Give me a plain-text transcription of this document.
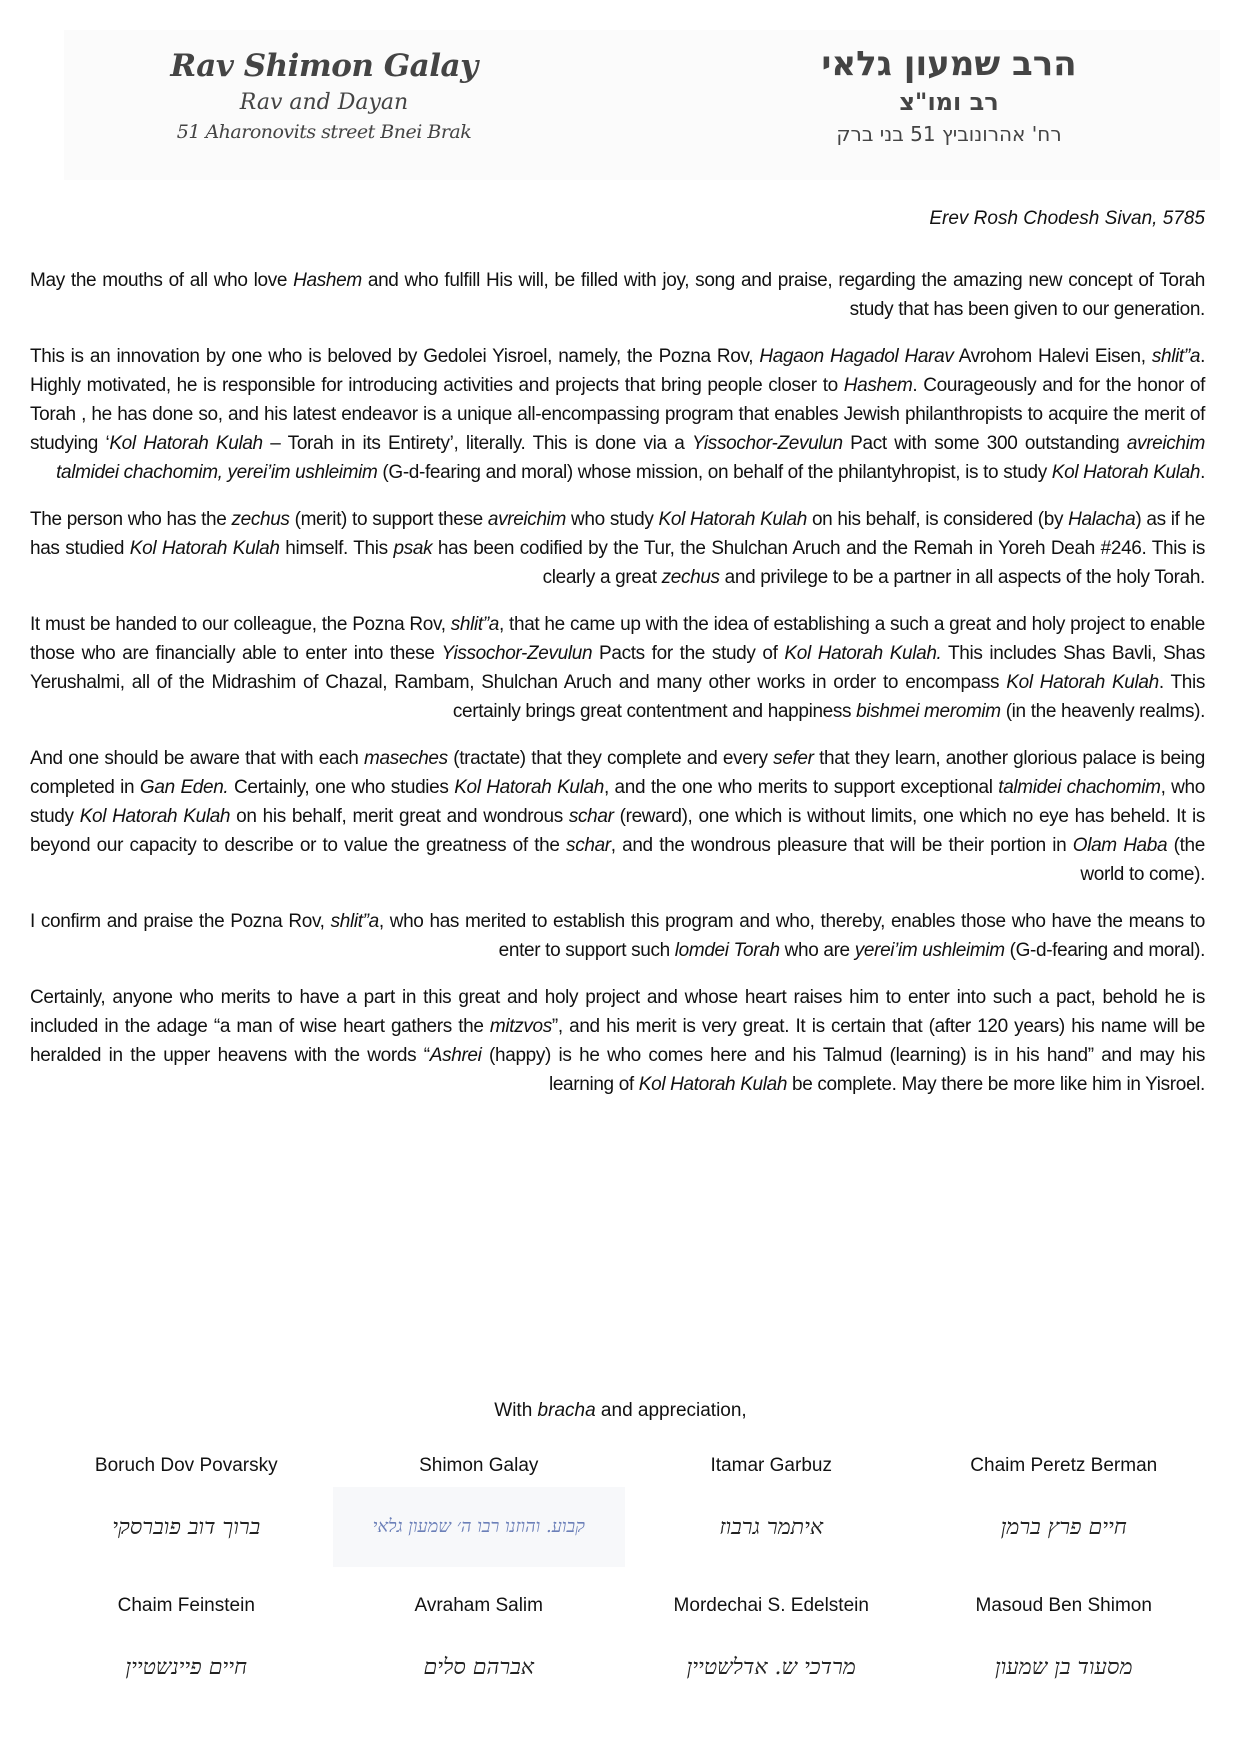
Rav Shimon Galay
Rav and Dayan
51 Aharonovits street Bnei Brak
הרב שמעון גלאי
רב ומו"צ
רח' אהרונוביץ 51 בני ברק
Erev Rosh Chodesh Sivan, 5785

May the mouths of all who love Hashem and who fulfill His will, be filled with joy, song and praise, regarding the amazing new concept of Torah study that has been given to our generation.

This is an innovation by one who is beloved by Gedolei Yisroel, namely, the Pozna Rov, Hagaon Hagadol Harav Avrohom Halevi Eisen, shlit”a. Highly motivated, he is responsible for introducing activities and projects that bring people closer to Hashem. Courageously and for the honor of Torah , he has done so, and his latest endeavor is a unique all-encompassing program that enables Jewish philanthropists to acquire the merit of studying ‘Kol Hatorah Kulah – Torah in its Entirety’, literally. This is done via a Yissochor-Zevulun Pact with some 300 outstanding avreichim talmidei chachomim, yerei’im ushleimim (G-d-fearing and moral) whose mission, on behalf of the philantyhropist, is to study Kol Hatorah Kulah.

The person who has the zechus (merit) to support these avreichim who study Kol Hatorah Kulah on his behalf, is considered (by Halacha) as if he has studied Kol Hatorah Kulah himself. This psak has been codified by the Tur, the Shulchan Aruch and the Remah in Yoreh Deah #246. This is clearly a great zechus and privilege to be a partner in all aspects of the holy Torah.

It must be handed to our colleague, the Pozna Rov, shlit”a, that he came up with the idea of establishing a such a great and holy project to enable those who are financially able to enter into these Yissochor-Zevulun Pacts for the study of Kol Hatorah Kulah. This includes Shas Bavli, Shas Yerushalmi, all of the Midrashim of Chazal, Rambam, Shulchan Aruch and many other works in order to encompass Kol Hatorah Kulah. This certainly brings great contentment and happiness bishmei meromim (in the heavenly realms).

And one should be aware that with each maseches (tractate) that they complete and every sefer that they learn, another glorious palace is being completed in Gan Eden. Certainly, one who studies Kol Hatorah Kulah, and the one who merits to support exceptional talmidei chachomim, who study Kol Hatorah Kulah on his behalf, merit great and wondrous schar (reward), one which is without limits, one which no eye has beheld. It is beyond our capacity to describe or to value the greatness of the schar, and the wondrous pleasure that will be their portion in Olam Haba (the world to come).

I confirm and praise the Pozna Rov, shlit”a, who has merited to establish this program and who, thereby, enables those who have the means to enter to support such lomdei Torah who are yerei’im ushleimim (G-d-fearing and moral).

Certainly, anyone who merits to have a part in this great and holy project and whose heart raises him to enter into such a pact, behold he is included in the adage “a man of wise heart gathers the mitzvos”, and his merit is very great. It is certain that (after 120 years) his name will be heralded in the upper heavens with the words “Ashrei (happy) is he who comes here and his Talmud (learning) is in his hand” and may his learning of Kol Hatorah Kulah be complete. May there be more like him in Yisroel.

With bracha and appreciation,
Boruch Dov Povarsky
ברוך דוב פוברסקי
Shimon Galay
קבוע. והוזנו רבו ה׳ שמעון גלאי
Itamar Garbuz
איתמר גרבוז
Chaim Peretz Berman
חיים פרץ ברמן
Chaim Feinstein
חיים פיינשטיין
Avraham Salim
אברהם סלים
Mordechai S. Edelstein
מרדכי ש. אדלשטיין
Masoud Ben Shimon
מסעוד בן שמעון
